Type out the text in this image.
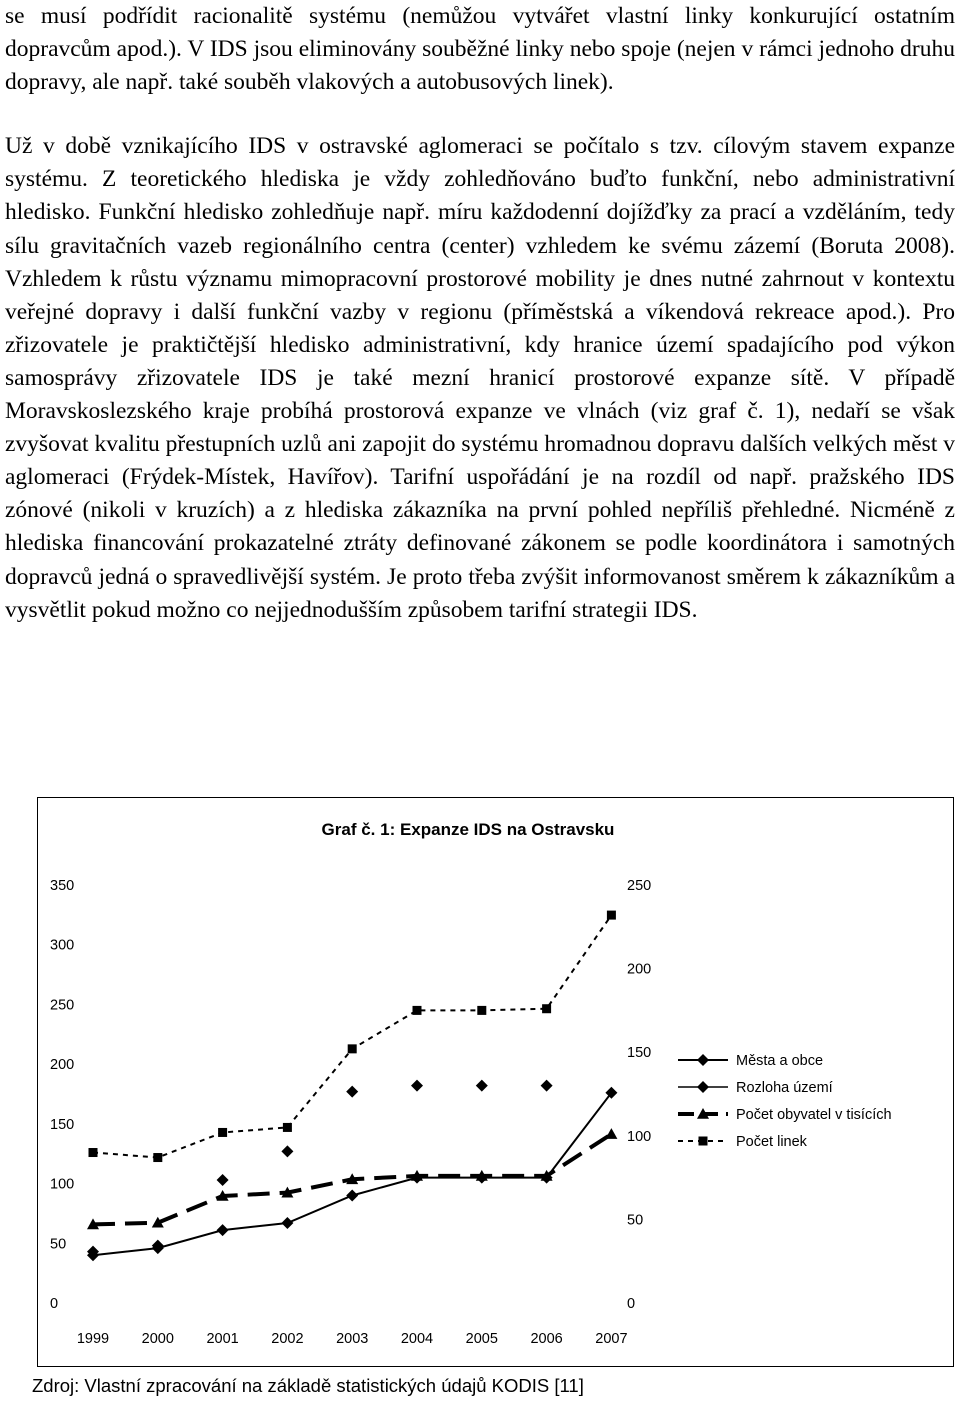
se musí podřídit racionalitě systému (nemůžou vytvářet vlastní linky konkurující ostatním dopravcům apod.). V IDS jsou eliminovány souběžné linky nebo spoje (nejen v rámci jednoho druhu dopravy, ale např. také souběh vlakových a autobusových linek).

Už v době vznikajícího IDS v ostravské aglomeraci se počítalo s tzv. cílovým stavem expanze systému. Z teoretického hlediska je vždy zohledňováno buďto funkční, nebo administrativní hledisko. Funkční hledisko zohledňuje např. míru každodenní dojížďky za prací a vzděláním, tedy sílu gravitačních vazeb regionálního centra (center) vzhledem ke svému zázemí (Boruta 2008). Vzhledem k růstu významu mimopracovní prostorové mobility je dnes nutné zahrnout v kontextu veřejné dopravy i další funkční vazby v regionu (příměstská a víkendová rekreace apod.). Pro zřizovatele je praktičtější hledisko administrativní, kdy hranice území spadajícího pod výkon samosprávy zřizovatele IDS je také mezní hranicí prostorové expanze sítě. V případě Moravskoslezského kraje probíhá prostorová expanze ve vlnách (viz graf č. 1), nedaří se však zvyšovat kvalitu přestupních uzlů ani zapojit do systému hromadnou dopravu dalších velkých měst v aglomeraci (Frýdek-Místek, Havířov). Tarifní uspořádání je na rozdíl od např. pražského IDS zónové (nikoli v kruzích) a z hlediska zákazníka na první pohled nepříliš přehledné. Nicméně z hlediska financování prokazatelné ztráty definované zákonem se podle koordinátora i samotných dopravců jedná o spravedlivější systém. Je proto třeba zvýšit informovanost směrem k zákazníkům a vysvětlit pokud možno co nejjednodušším způsobem tarifní strategii IDS.

Graf č. 1: Expanze IDS na Ostravsku
0
50
100
150
200
250
300
350
0
50
100
150
200
250
1999 2000 2001 2002 2003 2004 2005 2006 2007
Města a obce
Rozloha území
Počet obyvatel v tisících
Počet linek
Zdroj: Vlastní zpracování na základě statistických údajů KODIS [11]
